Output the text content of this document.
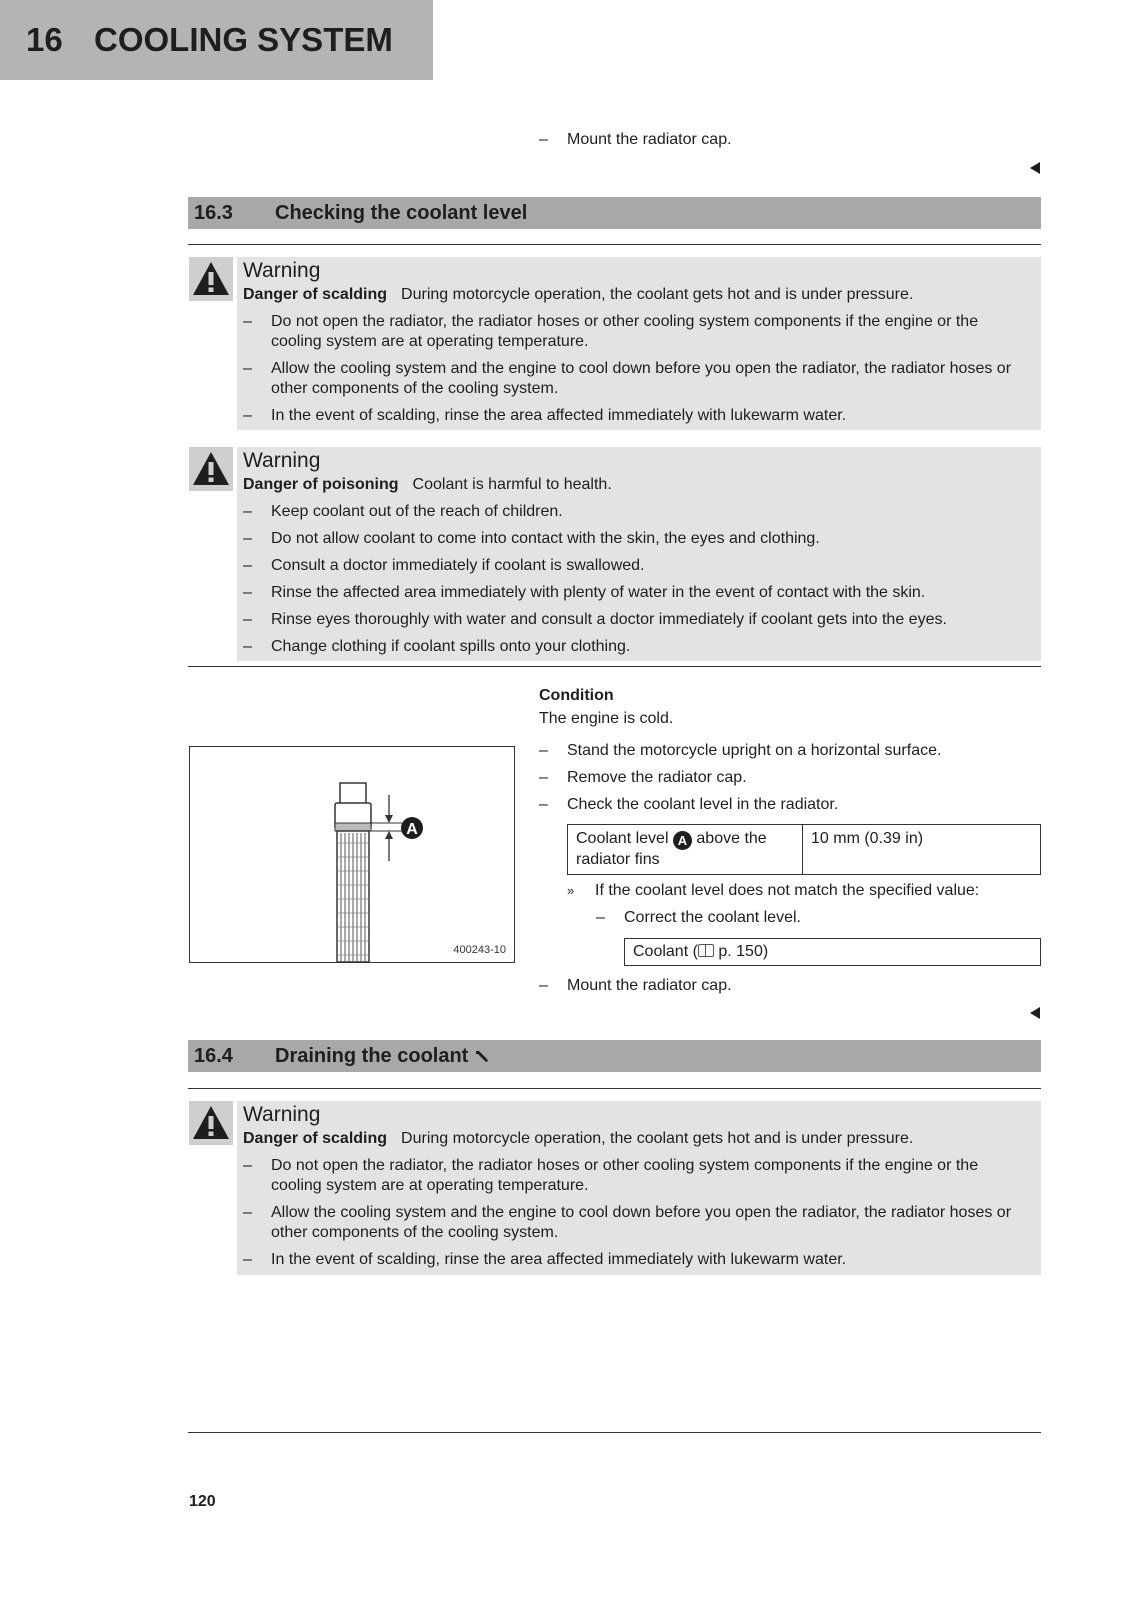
16 COOLING SYSTEM
– Mount the radiator cap.
16.3	Checking the coolant level
Warning
Danger of scalding During motorcycle operation, the coolant gets hot and is under pressure.
– Do not open the radiator, the radiator hoses or other cooling system components if the engine or the cooling system are at operating temperature.
– Allow the cooling system and the engine to cool down before you open the radiator, the radiator hoses or other components of the cooling system.
– In the event of scalding, rinse the area affected immediately with lukewarm water.
Warning
Danger of poisoning Coolant is harmful to health.
– Keep coolant out of the reach of children.
– Do not allow coolant to come into contact with the skin, the eyes and clothing.
– Consult a doctor immediately if coolant is swallowed.
– Rinse the affected area immediately with plenty of water in the event of contact with the skin.
– Rinse eyes thoroughly with water and consult a doctor immediately if coolant gets into the eyes.
– Change clothing if coolant spills onto your clothing.
Condition
The engine is cold.
– Stand the motorcycle upright on a horizontal surface.
– Remove the radiator cap.
– Check the coolant level in the radiator.
Coolant level A above the
radiator fins	10 mm (0.39 in)
» If the coolant level does not match the specified value:
– Correct the coolant level.
Coolant (
p. 150)
– Mount the radiator cap.
A
400243-10
16.4	Draining the coolant
Warning
Danger of scalding During motorcycle operation, the coolant gets hot and is under pressure.
– Do not open the radiator, the radiator hoses or other cooling system components if the engine or the cooling system are at operating temperature.
– Allow the cooling system and the engine to cool down before you open the radiator, the radiator hoses or other components of the cooling system.
– In the event of scalding, rinse the area affected immediately with lukewarm water.
120
